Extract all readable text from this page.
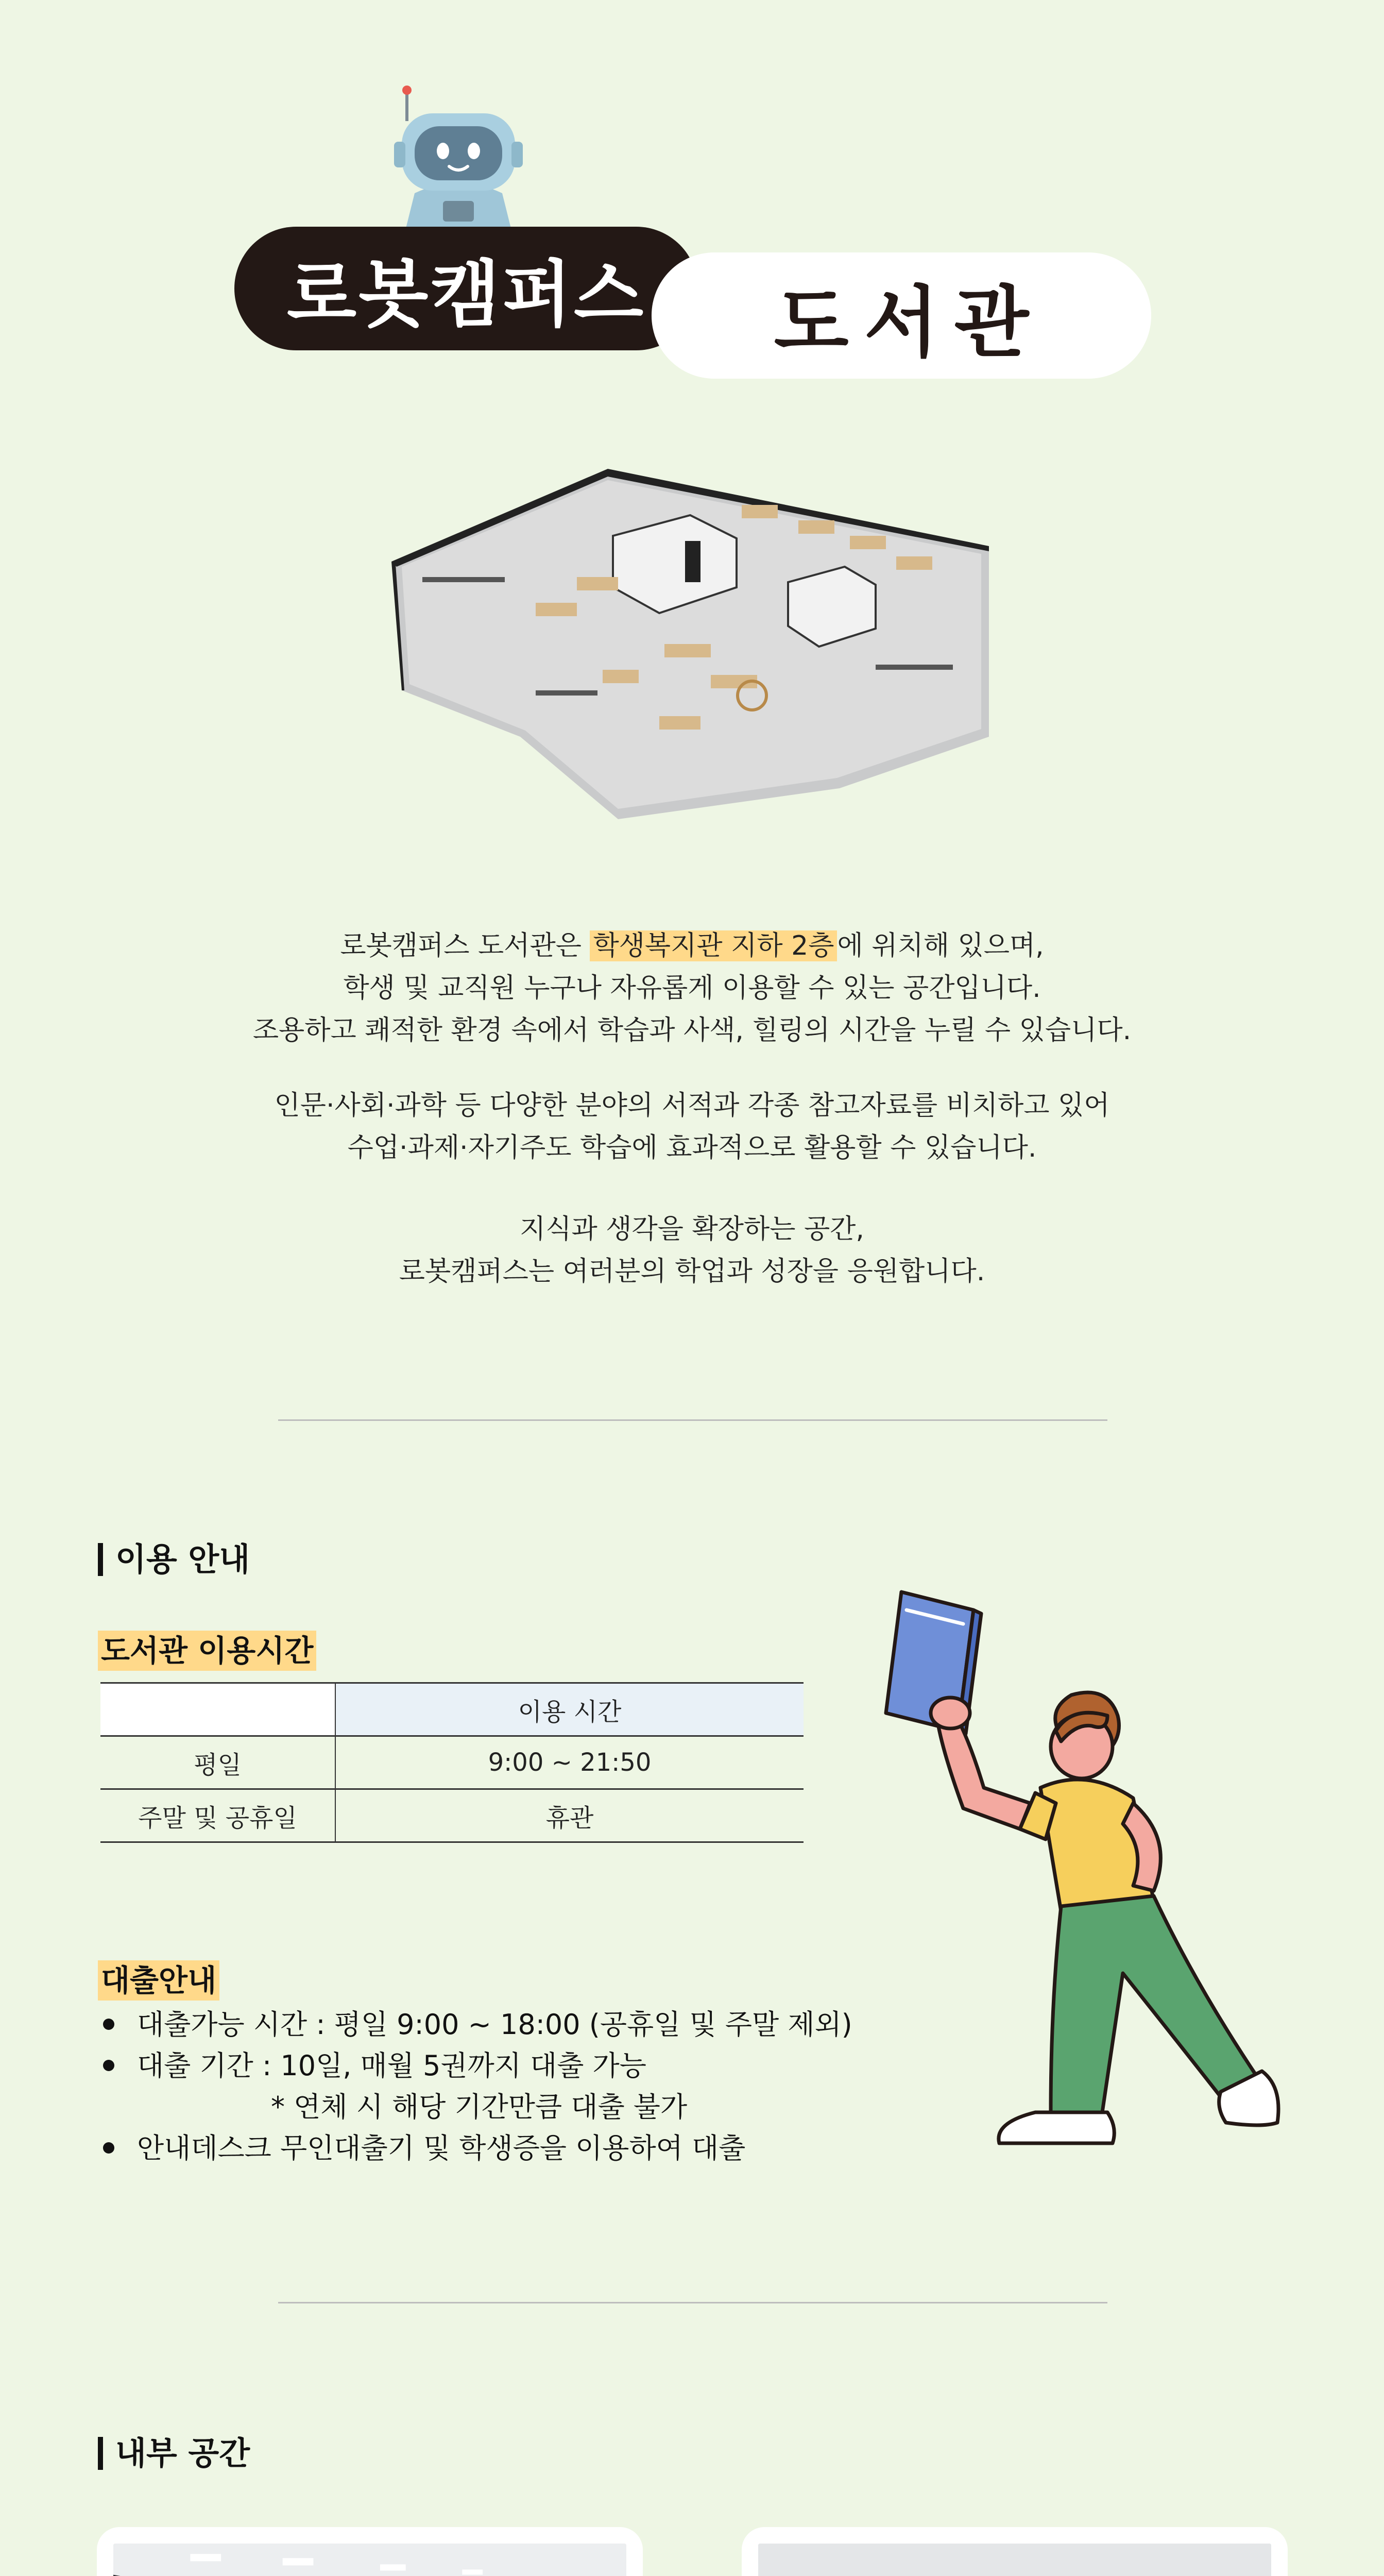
로봇캠퍼스 도서관
로봇캠퍼스 도서관은 학생복지관 지하 2층 에 위치해 있으며,
학생 및 교직원 누구나 자유롭게 이용할 수 있는 공간입니다.
조용하고 쾌적한 환경 속에서 학습과 사색, 힐링의 시간을 누릴 수 있습니다.
인문·사회·과학 등 다양한 분야의 서적과 각종 참고자료를 비치하고 있어
수업·과제·자기주도 학습에 효과적으로 활용할 수 있습니다.
지식과 생각을 확장하는 공간,
로봇캠퍼스는 여러분의 학업과 성장을 응원합니다.
이용 안내
도서관 이용시간
	이용 시간
평일	9:00 ~ 21:50
주말 및 공휴일	휴관
대출안내
대출가능 시간 : 평일 9:00 ~ 18:00 (공휴일 및 주말 제외)
대출 기간 : 10일, 매월 5권까지 대출 가능
* 연체 시 해당 기간만큼 대출 불가
안내데스크 무인대출기 및 학생증을 이용하여 대출
내부 공간
